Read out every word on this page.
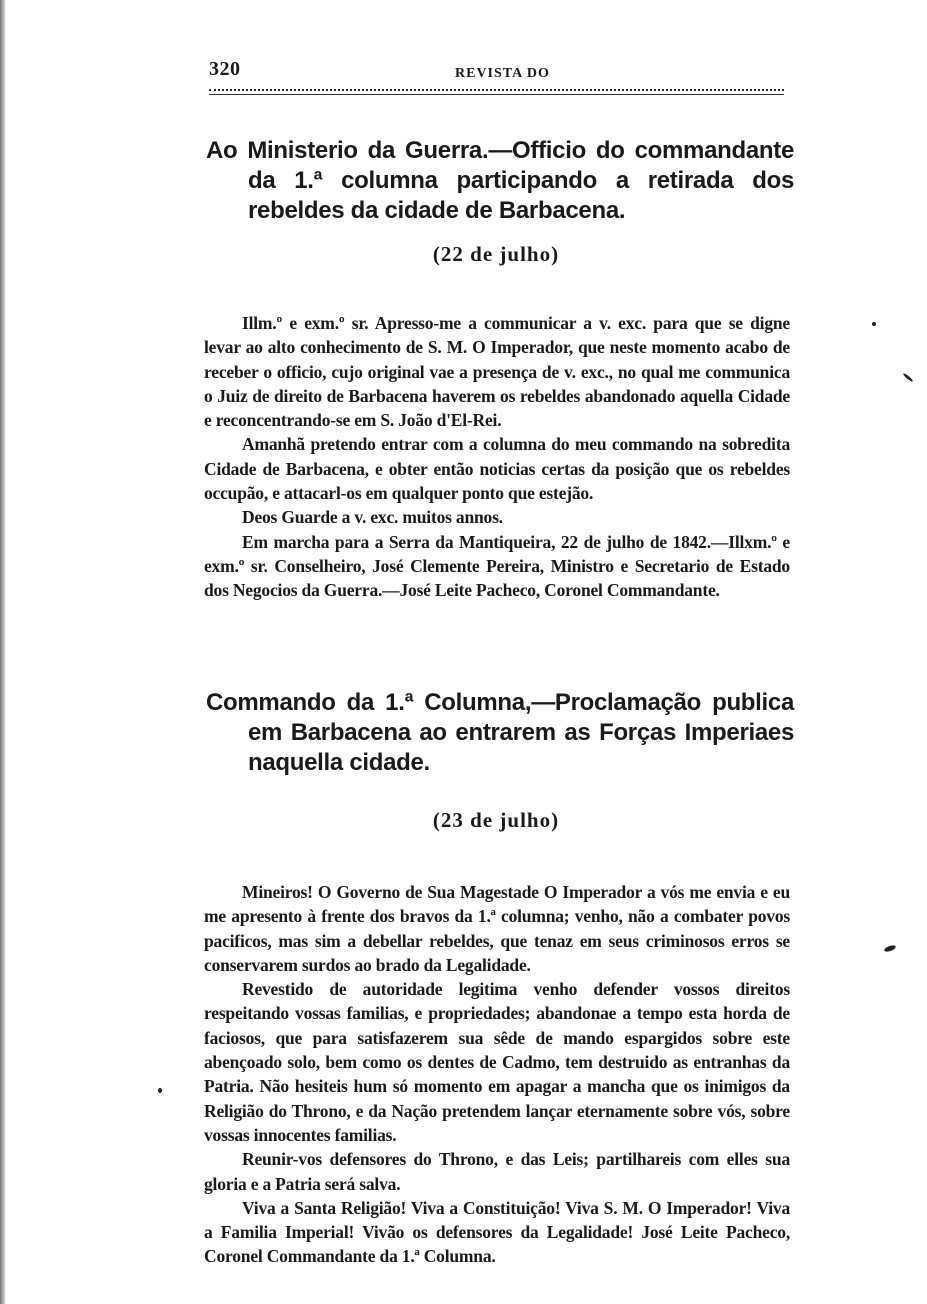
320	REVISTA DO
Ao Ministerio da Guerra.—Officio do commandante da 1.ª columna participando a retirada dos rebeldes da cidade de Barbacena.
(22 de julho)

Illm.º e exm.º sr. Apresso-me a communicar a v. exc. para que se digne levar ao alto conhecimento de S. M. O Imperador, que neste momento acabo de receber o officio, cujo original vae a presença de v. exc., no qual me communica o Juiz de direito de Barbacena haverem os rebeldes abandonado aquella Cidade e reconcentrando-se em S. João d'El-Rei.

Amanhã pretendo entrar com a columna do meu commando na sobredita Cidade de Barbacena, e obter então noticias certas da posição que os rebeldes occupão, e attacarl-os em qualquer ponto que estejão.

Deos Guarde a v. exc. muitos annos.

Em marcha para a Serra da Mantiqueira, 22 de julho de 1842.—Illxm.º e exm.º sr. Conselheiro, José Clemente Pereira, Ministro e Secretario de Estado dos Negocios da Guerra.—José Leite Pacheco, Coronel Commandante.

Commando da 1.ª Columna,—Proclamação publica em Barbacena ao entrarem as Forças Imperiaes naquella cidade.
(23 de julho)

Mineiros! O Governo de Sua Magestade O Imperador a vós me envia e eu me apresento à frente dos bravos da 1.ª columna; venho, não a combater povos pacificos, mas sim a debellar rebeldes, que tenaz em seus criminosos erros se conservarem surdos ao brado da Legalidade.

Revestido de autoridade legitima venho defender vossos direitos respeitando vossas familias, e propriedades; abandonae a tempo esta horda de faciosos, que para satisfazerem sua sêde de mando espargidos sobre este abençoado solo, bem como os dentes de Cadmo, tem destruido as entranhas da Patria. Não hesiteis hum só momento em apagar a mancha que os inimigos da Religião do Throno, e da Nação pretendem lançar eternamente sobre vós, sobre vossas innocentes familias.

Reunir-vos defensores do Throno, e das Leis; partilhareis com elles sua gloria e a Patria será salva.

Viva a Santa Religião! Viva a Constituição! Viva S. M. O Imperador! Viva a Familia Imperial! Vivão os defensores da Legalidade! José Leite Pacheco, Coronel Commandante da 1.ª Columna.
